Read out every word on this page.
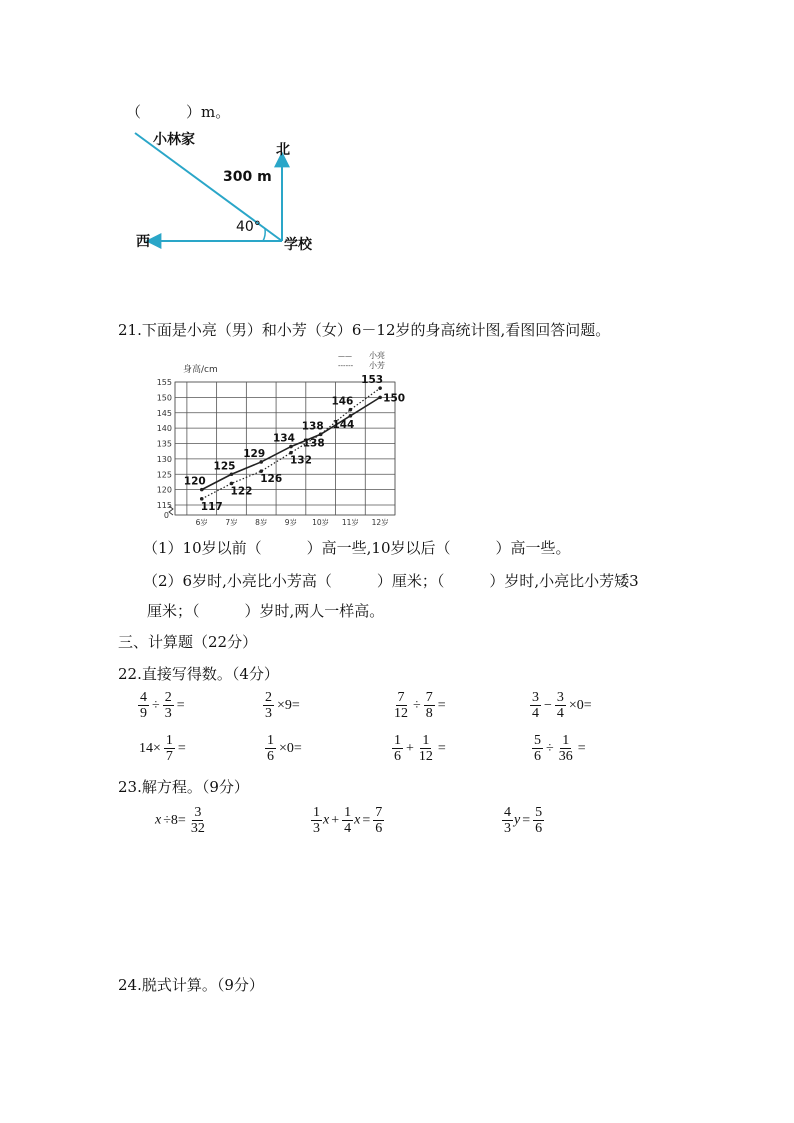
（　　　）m。
小林家
300 m
北
西	学校
40°
21.下面是小亮（男）和小芳（女）6－12岁的身高统计图,看图回答问题。
115
120
125
130
135
140
145
150
155
0
6岁 7岁 8岁 9岁 10岁 11岁 12岁
120
125
129
134 138
144
150
117
122
126
132
138
146
153
—— 小亮
------ 小芳
身高/cm
（1）10岁以前（　　　）高一些,10岁以后（　　　）高一些。
（2）6岁时,小亮比小芳高（　　　）厘米；（　　　）岁时,小亮比小芳矮3
厘米；（　　　）岁时,两人一样高。
三、计算题（22分）
22.直接写得数。（4分）
$\frac{4}{9} \div \frac{2}{3}$ =	$\frac{2}{3} \times 9=$	$\frac{7}{12} \div \frac{7}{8}$ =	$\frac{3}{4} - \frac{3}{4} \times 0=$
$14\times \frac{1}{7}$ =	$\frac{1}{6} \times 0=$	$\frac{1}{6} + \frac{1}{12}$ =	$\frac{5}{6} \div \frac{1}{36}$ =
23.解方程。（9分）
$x \div 8= \frac{3}{32}$	$\frac{1}{3}$ $x + \frac{1}{4}$ $x = \frac{7}{6}$	$\frac{4}{3}$ $y = \frac{5}{6}$
24.脱式计算。（9分）
